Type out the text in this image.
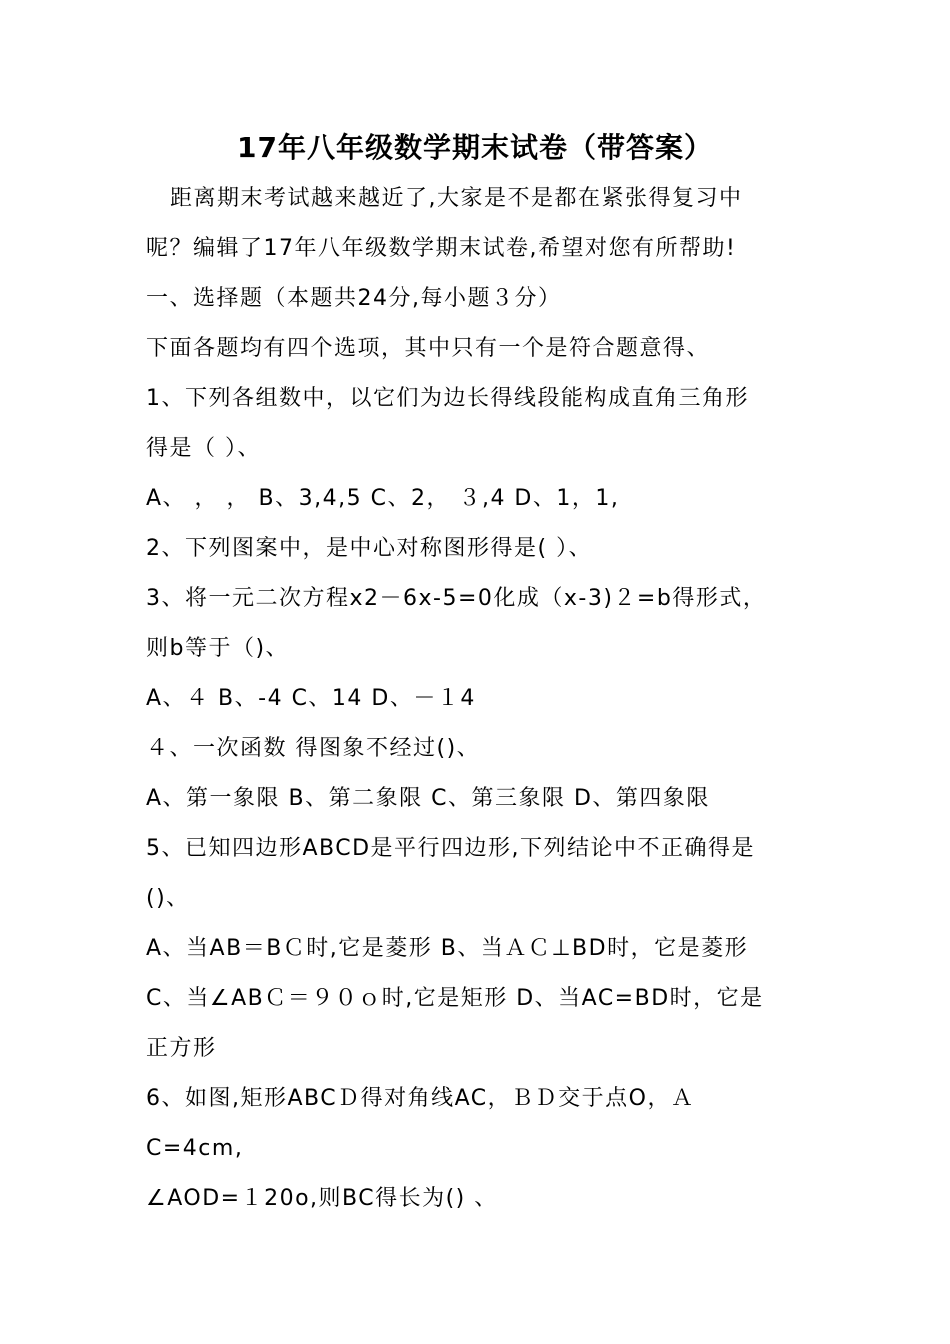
17年八年级数学期末试卷（带答案）
距离期末考试越来越近了,大家是不是都在紧张得复习中
呢？编辑了17年八年级数学期末试卷,希望对您有所帮助!
一、选择题（本题共24分,每小题３分）
下面各题均有四个选项，其中只有一个是符合题意得、
1、下列各组数中，以它们为边长得线段能构成直角三角形
得是（ ）、
A、 ， ， B、3,4,5 C、2， ３,4 D、1，1,
2、下列图案中，是中心对称图形得是( ）、
3、将一元二次方程x2－6x-5=0化成（x-3)２=b得形式，
则b等于（)、
A、４ B、-4 C、14 D、－１4
４、一次函数 得图象不经过()、
A、第一象限 B、第二象限 C、第三象限 D、第四象限
5、已知四边形ABCD是平行四边形,下列结论中不正确得是
()、
A、当AB＝BＣ时,它是菱形 B、当ＡＣ⊥BD时，它是菱形
C、当∠ABＣ＝９０ｏ时,它是矩形 D、当AC=BD时，它是
正方形
6、如图,矩形ABCＤ得对角线AC，ＢＤ交于点O，Ａ
C=4cm,
∠AOD=１20o,则BC得长为() 、
